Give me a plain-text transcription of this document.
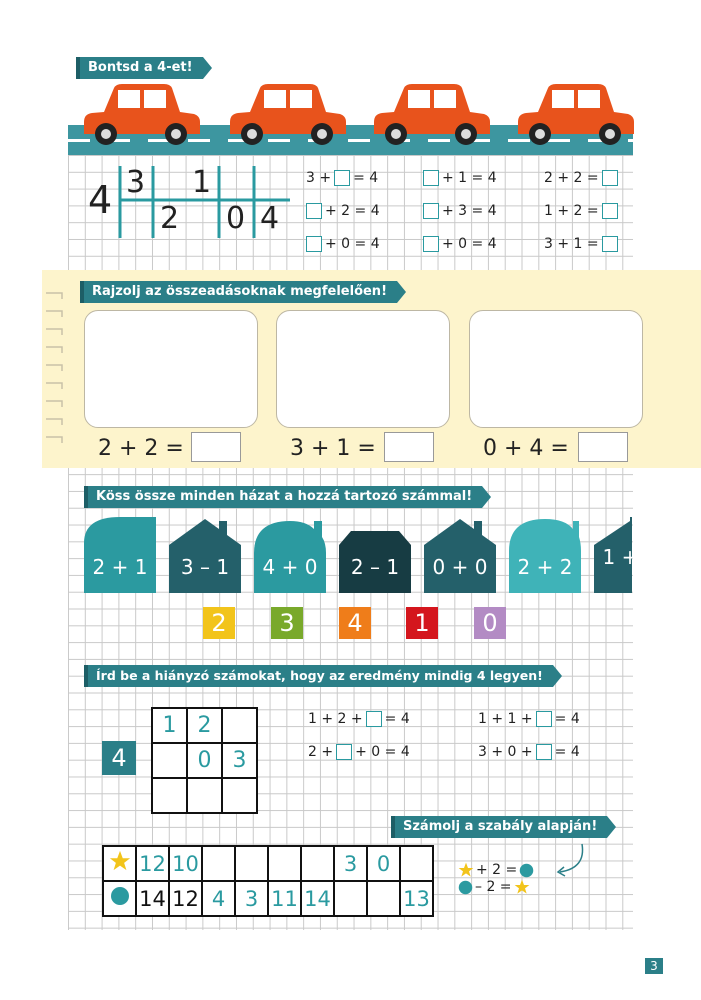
Bontsd a 4-et!
4 3 1
2 0 4
3 + = 4
+ 2 = 4
+ 0 = 4
+ 1 = 4
+ 3 = 4
+ 0 = 4
2 + 2 =
1 + 2 =
3 + 1 =
Rajzolj az összeadásoknak megfelelően!
2 + 2 =	3 + 1 =	0 + 4 =
Köss össze minden házat a hozzá tartozó számmal!
2 + 1	3 – 1	4 + 0	2 – 1	0 + 0	2 + 2	1 + 3
2	3	4	1	0
Írd be a hiányzó számokat, hogy az eredmény mindig 4 legyen!
4
1	2	
	0	3

1 + 2 + = 4
2 + + 0 = 4
1 + 1 + = 4
3 + 0 + = 4
Számolj a szabály alapján!
	12	10					3	0	
	14	12	4	3	11	14			13
+ 2 =
– 2 =
3
